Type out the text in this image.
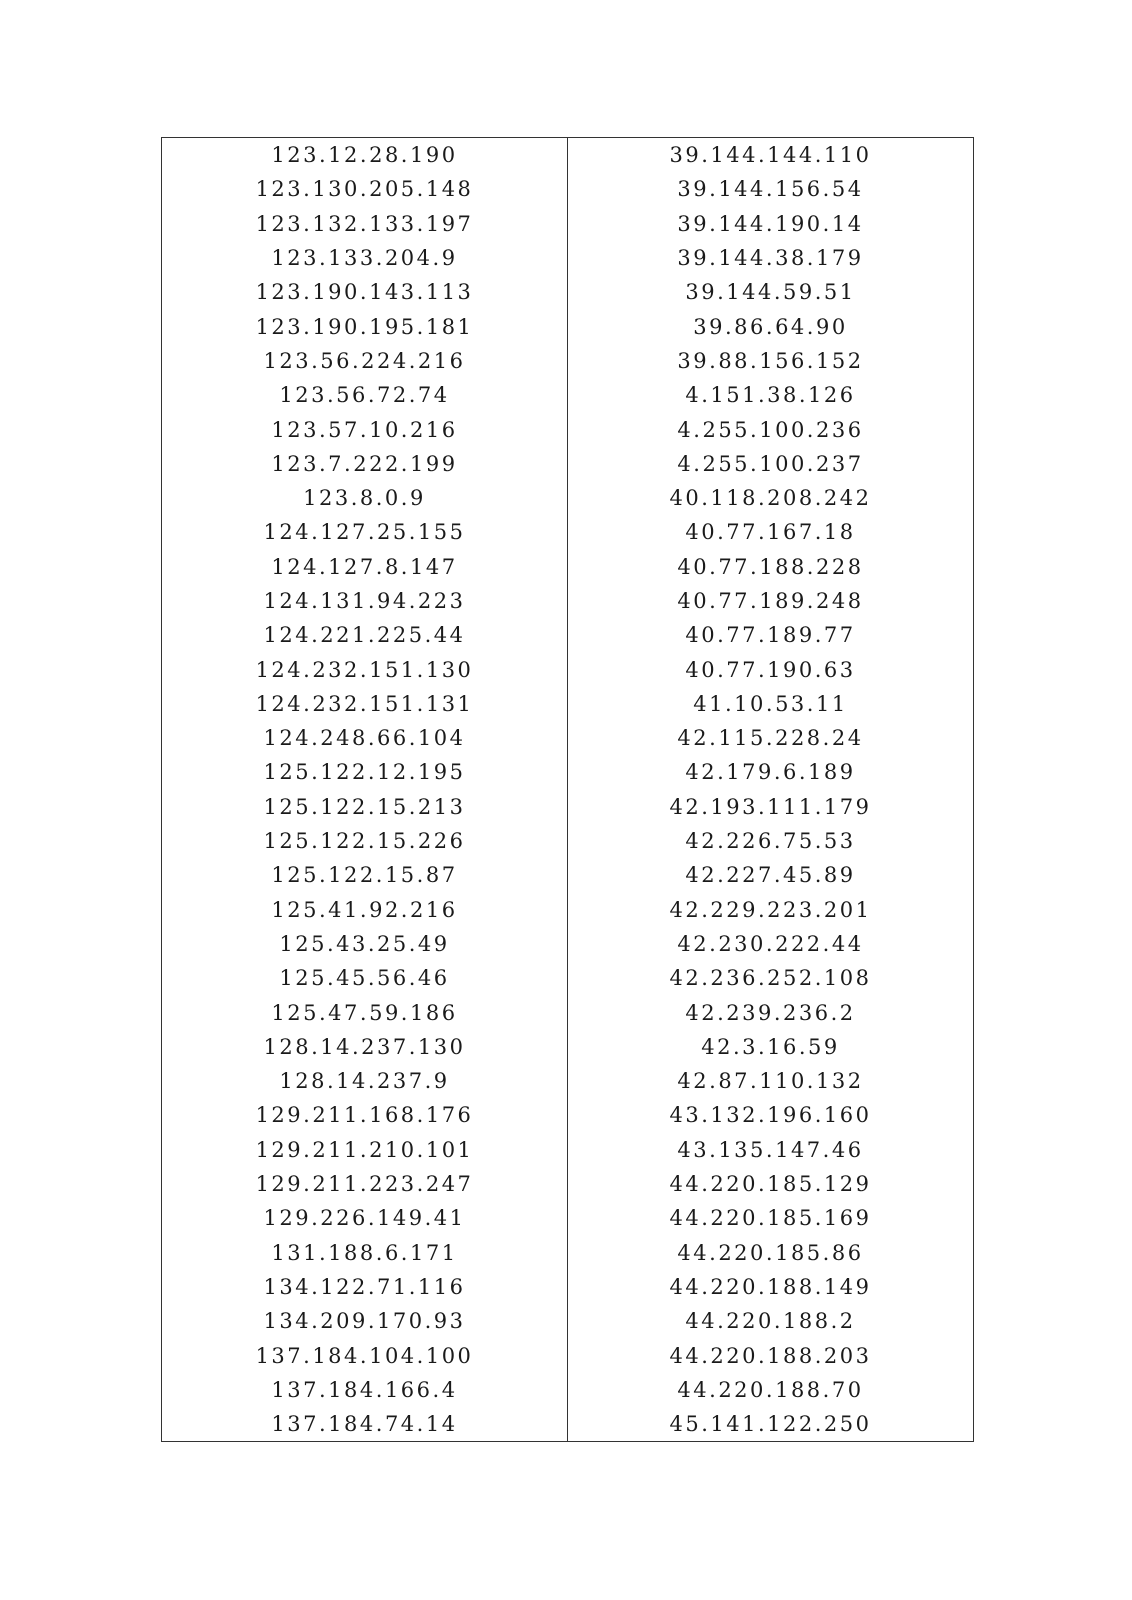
123.12.28.190	39.144.144.110
123.130.205.148	39.144.156.54
123.132.133.197	39.144.190.14
123.133.204.9	39.144.38.179
123.190.143.113	39.144.59.51
123.190.195.181	39.86.64.90
123.56.224.216	39.88.156.152
123.56.72.74	4.151.38.126
123.57.10.216	4.255.100.236
123.7.222.199	4.255.100.237
123.8.0.9	40.118.208.242
124.127.25.155	40.77.167.18
124.127.8.147	40.77.188.228
124.131.94.223	40.77.189.248
124.221.225.44	40.77.189.77
124.232.151.130	40.77.190.63
124.232.151.131	41.10.53.11
124.248.66.104	42.115.228.24
125.122.12.195	42.179.6.189
125.122.15.213	42.193.111.179
125.122.15.226	42.226.75.53
125.122.15.87	42.227.45.89
125.41.92.216	42.229.223.201
125.43.25.49	42.230.222.44
125.45.56.46	42.236.252.108
125.47.59.186	42.239.236.2
128.14.237.130	42.3.16.59
128.14.237.9	42.87.110.132
129.211.168.176	43.132.196.160
129.211.210.101	43.135.147.46
129.211.223.247	44.220.185.129
129.226.149.41	44.220.185.169
131.188.6.171	44.220.185.86
134.122.71.116	44.220.188.149
134.209.170.93	44.220.188.2
137.184.104.100	44.220.188.203
137.184.166.4	44.220.188.70
137.184.74.14	45.141.122.250
